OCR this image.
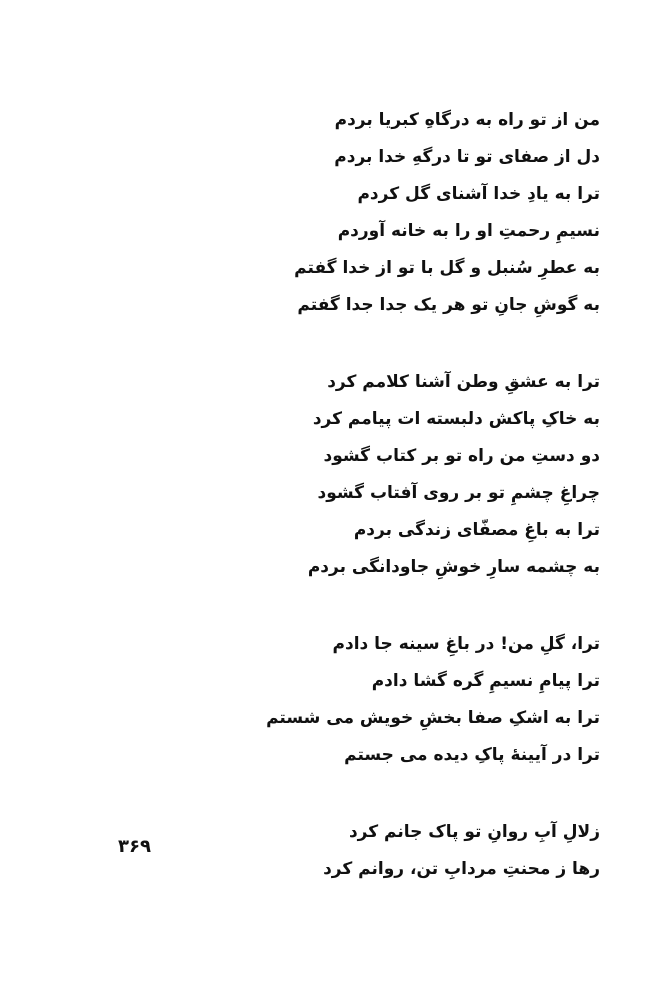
من از تو راه به درگاهِ کبریا بردم
دل از صفای تو تا درگهِ خدا بردم
ترا به یادِ خدا آشنای گل کردم
نسیمِ رحمتِ او را به خانه آوردم
به عطرِ سُنبل و گل با تو از خدا گفتم
به گوشِ جانِ تو هر یک جدا جدا گفتم
ترا به عشقِ وطن آشنا کلامم کرد
به خاکِ پاکش دلبسته ات پیامم کرد
دو دستِ من راه تو بر کتاب گشود
چراغِ چشمِ تو بر روی آفتاب گشود
ترا به باغِ مصفّای زندگی بردم
به چشمه سارِ خوشِ جاودانگی بردم
ترا، گلِ من! در باغِ سینه جا دادم
ترا پیامِ نسیمِ گره گشا دادم
ترا به اشکِ صفا بخشِ خویش می شستم
ترا در آیینهٔ پاکِ دیده می جستم
زلالِ آبِ روانِ تو پاک جانم کرد
رها ز محنتِ مردابِ تن، روانم کرد
۳۶۹
